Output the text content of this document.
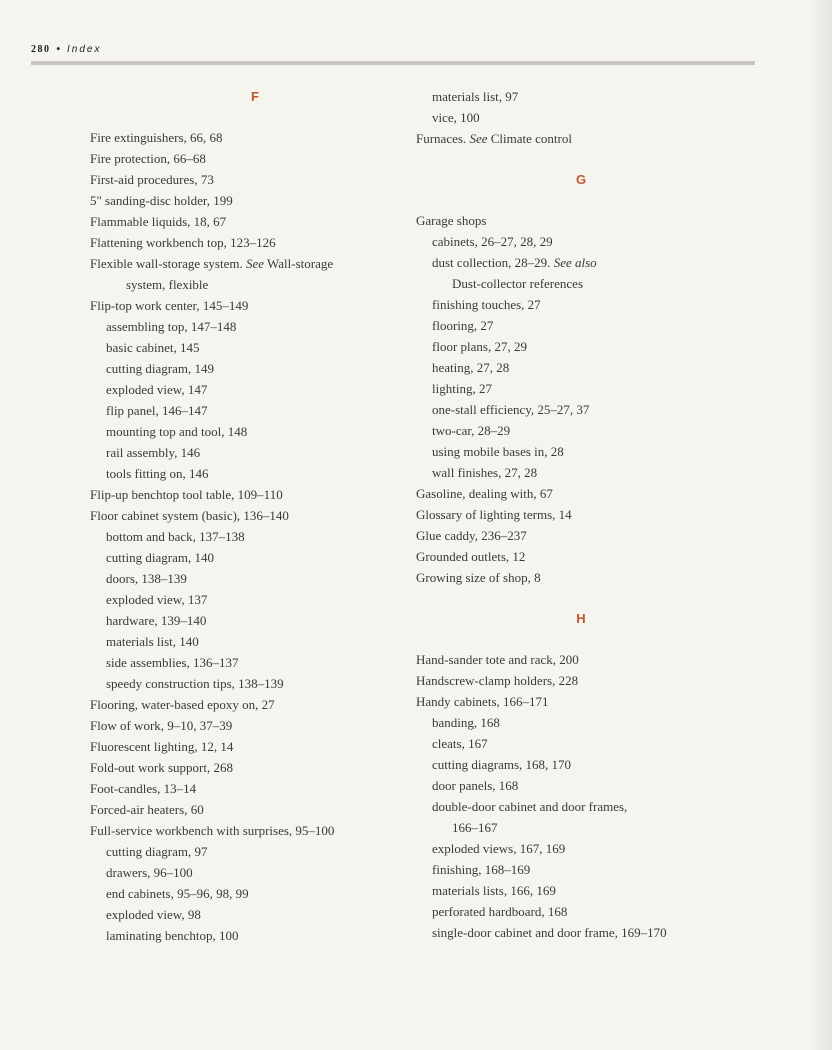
280 • Index
F
Fire extinguishers, 66, 68
Fire protection, 66–68
First-aid procedures, 73
5" sanding-disc holder, 199
Flammable liquids, 18, 67
Flattening workbench top, 123–126
Flexible wall-storage system. See Wall-storage
system, flexible
Flip-top work center, 145–149
assembling top, 147–148
basic cabinet, 145
cutting diagram, 149
exploded view, 147
flip panel, 146–147
mounting top and tool, 148
rail assembly, 146
tools fitting on, 146
Flip-up benchtop tool table, 109–110
Floor cabinet system (basic), 136–140
bottom and back, 137–138
cutting diagram, 140
doors, 138–139
exploded view, 137
hardware, 139–140
materials list, 140
side assemblies, 136–137
speedy construction tips, 138–139
Flooring, water-based epoxy on, 27
Flow of work, 9–10, 37–39
Fluorescent lighting, 12, 14
Fold-out work support, 268
Foot-candles, 13–14
Forced-air heaters, 60
Full-service workbench with surprises, 95–100
cutting diagram, 97
drawers, 96–100
end cabinets, 95–96, 98, 99
exploded view, 98
laminating benchtop, 100
materials list, 97
vice, 100
Furnaces. See Climate control
G
Garage shops
cabinets, 26–27, 28, 29
dust collection, 28–29. See also
Dust-collector references
finishing touches, 27
flooring, 27
floor plans, 27, 29
heating, 27, 28
lighting, 27
one-stall efficiency, 25–27, 37
two-car, 28–29
using mobile bases in, 28
wall finishes, 27, 28
Gasoline, dealing with, 67
Glossary of lighting terms, 14
Glue caddy, 236–237
Grounded outlets, 12
Growing size of shop, 8
H
Hand-sander tote and rack, 200
Handscrew-clamp holders, 228
Handy cabinets, 166–171
banding, 168
cleats, 167
cutting diagrams, 168, 170
door panels, 168
double-door cabinet and door frames,
166–167
exploded views, 167, 169
finishing, 168–169
materials lists, 166, 169
perforated hardboard, 168
single-door cabinet and door frame, 169–170
